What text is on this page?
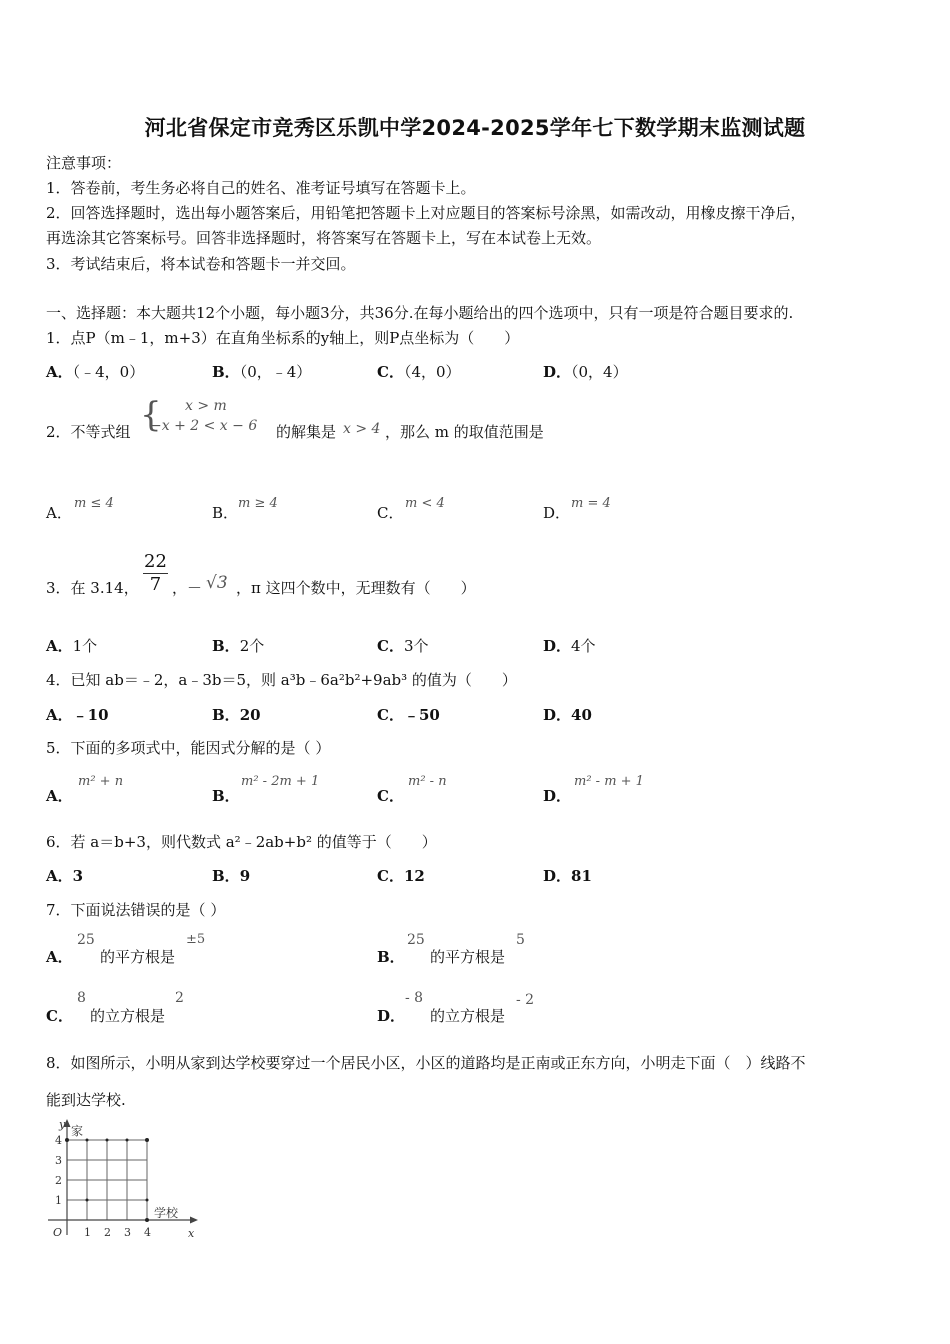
河北省保定市竞秀区乐凯中学2024-2025学年七下数学期末监测试题
注意事项：
1．答卷前，考生务必将自己的姓名、准考证号填写在答题卡上。
2．回答选择题时，选出每小题答案后，用铅笔把答题卡上对应题目的答案标号涂黑，如需改动，用橡皮擦干净后，
再选涂其它答案标号。回答非选择题时，将答案写在答题卡上，写在本试卷上无效。
3．考试结束后，将本试卷和答题卡一并交回。
一、选择题：本大题共12个小题，每小题3分，共36分.在每小题给出的四个选项中，只有一项是符合题目要求的.
1．点P（m﹣1，m+3）在直角坐标系的y轴上，则P点坐标为（　　）
A．（﹣4，0）	B．（0，﹣4）	C．（4，0）	D．（0，4）
2．不等式组 { x > m
−x + 2 < x − 6 的解集是 x > 4 ，那么 m 的取值范围是
A．
m ≤ 4
B．
m ≥ 4
C．
m < 4
D．
m = 4
3．在 3.14， $\frac{22}{7}$ ，－ √3 ，π 这四个数中，无理数有（　　）
A．1个	B．2个	C．3个	D．4个
4．已知 ab＝﹣2，a﹣3b＝5，则 a³b﹣6a²b²+9ab³ 的值为（　　）
A．﹣10	B．20	C．﹣50	D．40
5．下面的多项式中，能因式分解的是（ ）
A．
m² + n
B．
m² - 2m + 1
C．
m² - n
D．
m² - m + 1
6．若 a＝b+3，则代数式 a²﹣2ab+b² 的值等于（　　）
A．3	B．9	C．12	D．81
7．下面说法错误的是（ ）
A．
25
的平方根是
±5
B．
25
的平方根是
5
C．
8
的立方根是
2
D．
- 8
的立方根是
- 2
8．如图所示，小明从家到达学校要穿过一个居民小区，小区的道路均是正南或正东方向，小明走下面（　）线路不
能到达学校.
y 家
4
3
2
1
O 1 2 3 4	x
学校
